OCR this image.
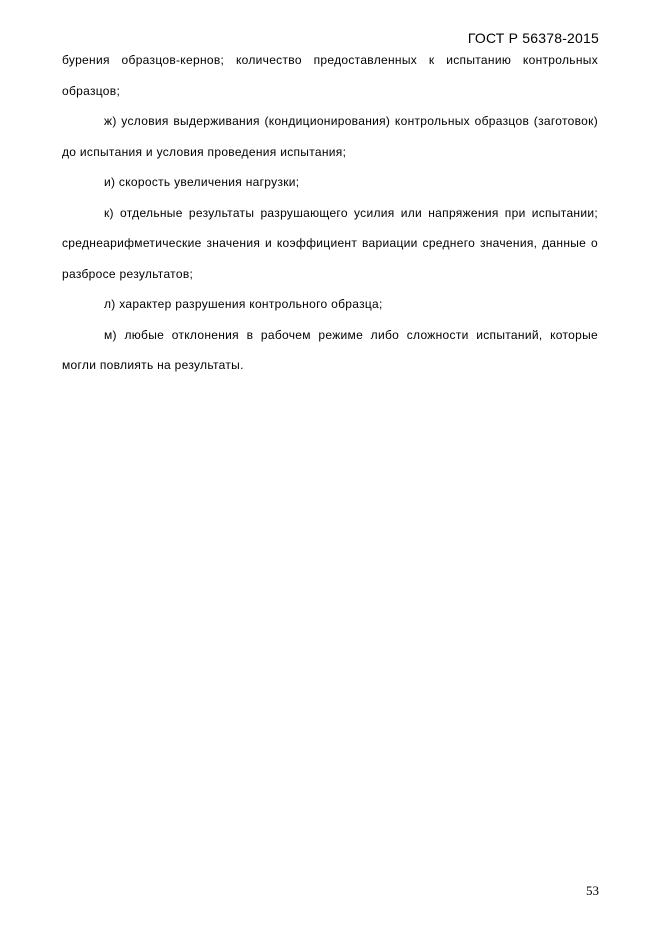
ГОСТ Р 56378-2015

бурения образцов-кернов; количество предоставленных к испытанию контрольных образцов;

ж) условия выдерживания (кондиционирования) контрольных образцов (заготовок) до испытания и условия проведения испытания;

и) скорость увеличения нагрузки;

к) отдельные результаты разрушающего усилия или напряжения при испытании; среднеарифметические значения и коэффициент вариации среднего значения, данные о разбросе результатов;

л) характер разрушения контрольного образца;

м) любые отклонения в рабочем режиме либо сложности испытаний, которые могли повлиять на результаты.

53
